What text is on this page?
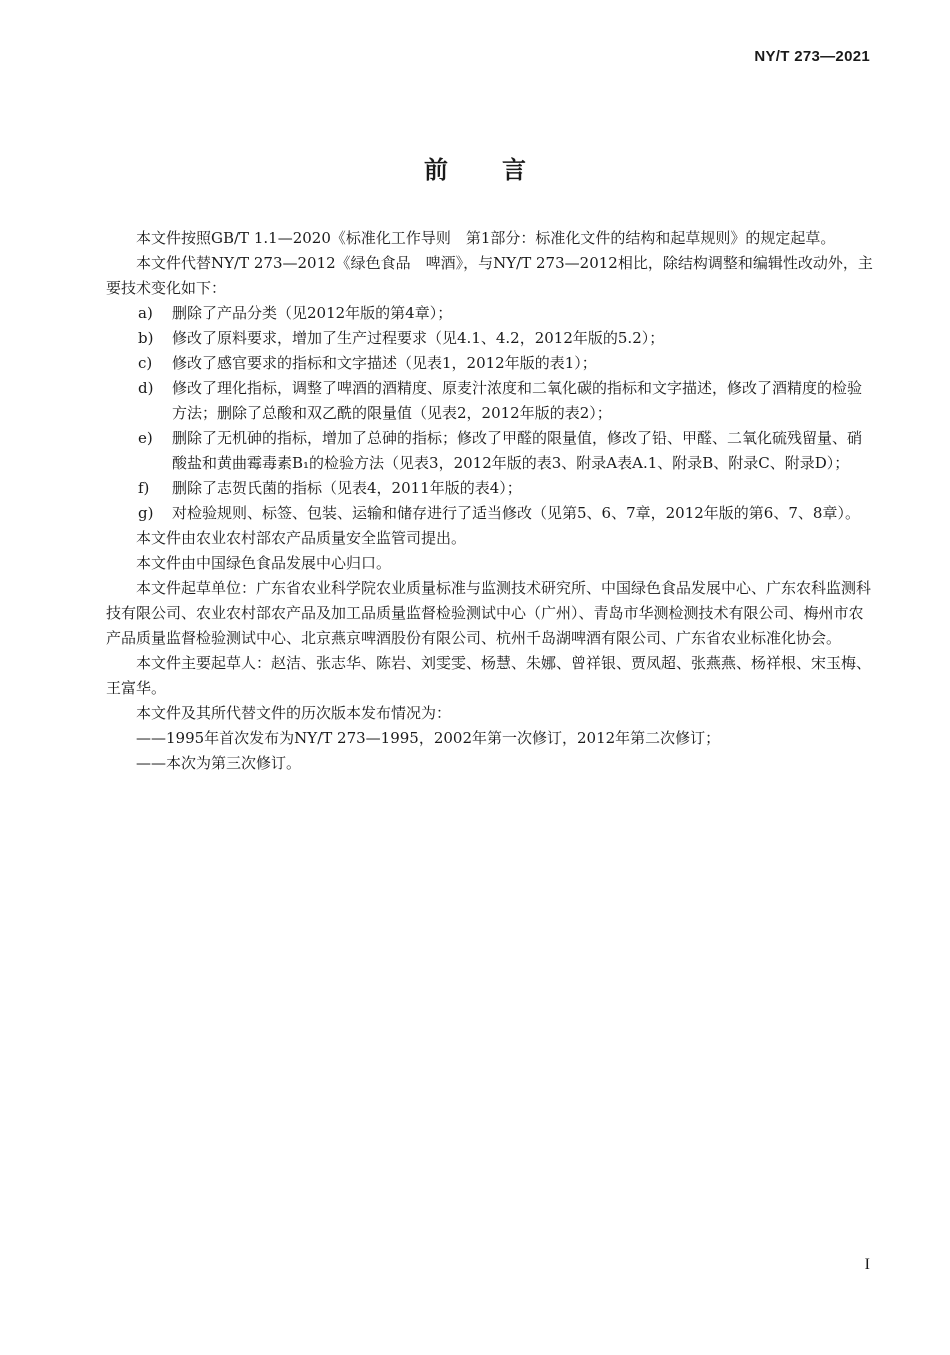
NY/T 273—2021
前 言

本文件按照GB/T 1.1—2020《标准化工作导则　第1部分：标准化文件的结构和起草规则》的规定起草。

本文件代替NY/T 273—2012《绿色食品　啤酒》，与NY/T 273—2012相比，除结构调整和编辑性改动外，主要技术变化如下：

a) 删除了产品分类（见2012年版的第4章）；
b) 修改了原料要求，增加了生产过程要求（见4.1、4.2，2012年版的5.2）；
c) 修改了感官要求的指标和文字描述（见表1，2012年版的表1）；
d) 修改了理化指标，调整了啤酒的酒精度、原麦汁浓度和二氧化碳的指标和文字描述，修改了酒精度的检验方法；删除了总酸和双乙酰的限量值（见表2，2012年版的表2）；
e) 删除了无机砷的指标，增加了总砷的指标；修改了甲醛的限量值，修改了铅、甲醛、二氧化硫残留量、硝酸盐和黄曲霉毒素B₁的检验方法（见表3，2012年版的表3、附录A表A.1、附录B、附录C、附录D）；
f) 删除了志贺氏菌的指标（见表4，2011年版的表4）；
g) 对检验规则、标签、包装、运输和储存进行了适当修改（见第5、6、7章，2012年版的第6、7、8章）。

本文件由农业农村部农产品质量安全监管司提出。

本文件由中国绿色食品发展中心归口。

本文件起草单位：广东省农业科学院农业质量标准与监测技术研究所、中国绿色食品发展中心、广东农科监测科技有限公司、农业农村部农产品及加工品质量监督检验测试中心（广州）、青岛市华测检测技术有限公司、梅州市农产品质量监督检验测试中心、北京燕京啤酒股份有限公司、杭州千岛湖啤酒有限公司、广东省农业标准化协会。

本文件主要起草人：赵洁、张志华、陈岩、刘雯雯、杨慧、朱娜、曾祥银、贾凤超、张燕燕、杨祥根、宋玉梅、王富华。

本文件及其所代替文件的历次版本发布情况为：

——1995年首次发布为NY/T 273—1995，2002年第一次修订，2012年第二次修订；

——本次为第三次修订。

I
